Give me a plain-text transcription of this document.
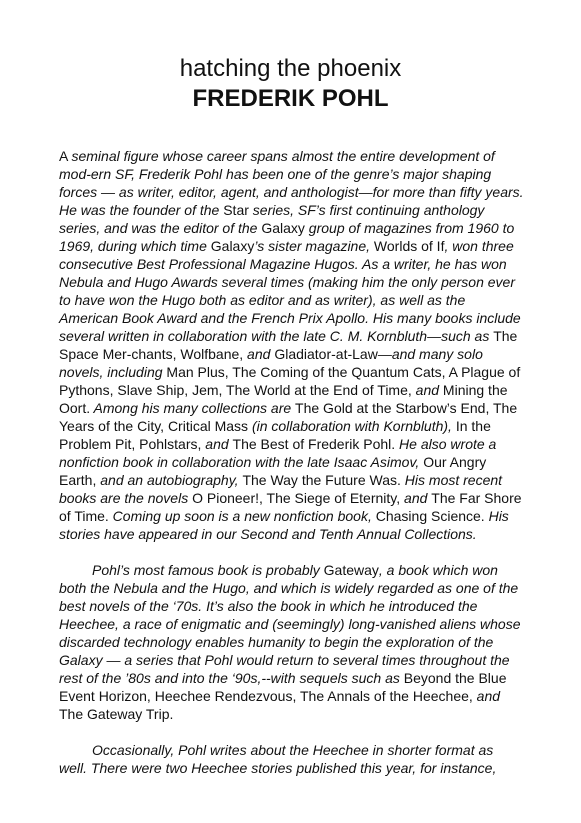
hatching the phoenix
FREDERIK POHL

A seminal figure whose career spans almost the entire development of mod-ern SF, Frederik Pohl has been one of the genre’s major shaping forces — as writer, editor, agent, and anthologist—for more than fifty years. He was the founder of the Star series, SF’s first continuing anthology series, and was the editor of the Galaxy group of magazines from 1960 to 1969, during which time Galaxy’s sister magazine, Worlds of If, won three consecutive Best Professional Magazine Hugos. As a writer, he has won Nebula and Hugo Awards several times (making him the only person ever to have won the Hugo both as editor and as writer), as well as the American Book Award and the French Prix Apollo. His many books include several written in collaboration with the late C. M. Kornbluth—such as The Space Mer-chants, Wolfbane, and Gladiator-at-Law—and many solo novels, including Man Plus, The Coming of the Quantum Cats, A Plague of Pythons, Slave Ship, Jem, The World at the End of Time, and Mining the Oort. Among his many collections are The Gold at the Starbow’s End, The Years of the City, Critical Mass (in collaboration with Kornbluth), In the Problem Pit, Pohlstars, and The Best of Frederik Pohl. He also wrote a nonfiction book in collaboration with the late Isaac Asimov, Our Angry Earth, and an autobiography, The Way the Future Was. His most recent books are the novels O Pioneer!, The Siege of Eternity, and The Far Shore of Time. Coming up soon is a new nonfiction book, Chasing Science. His stories have appeared in our Second and Tenth Annual Collections.

Pohl’s most famous book is probably Gateway, a book which won both the Nebula and the Hugo, and which is widely regarded as one of the best novels of the ‘70s. It’s also the book in which he introduced the Heechee, a race of enigmatic and (seemingly) long-vanished aliens whose discarded technology enables humanity to begin the exploration of the Galaxy — a series that Pohl would return to several times throughout the rest of the ’80s and into the ‘90s,--with sequels such as Beyond the Blue Event Horizon, Heechee Rendezvous, The Annals of the Heechee, and The Gateway Trip.

Occasionally, Pohl writes about the Heechee in shorter format as well. There were two Heechee stories published this year, for instance,
